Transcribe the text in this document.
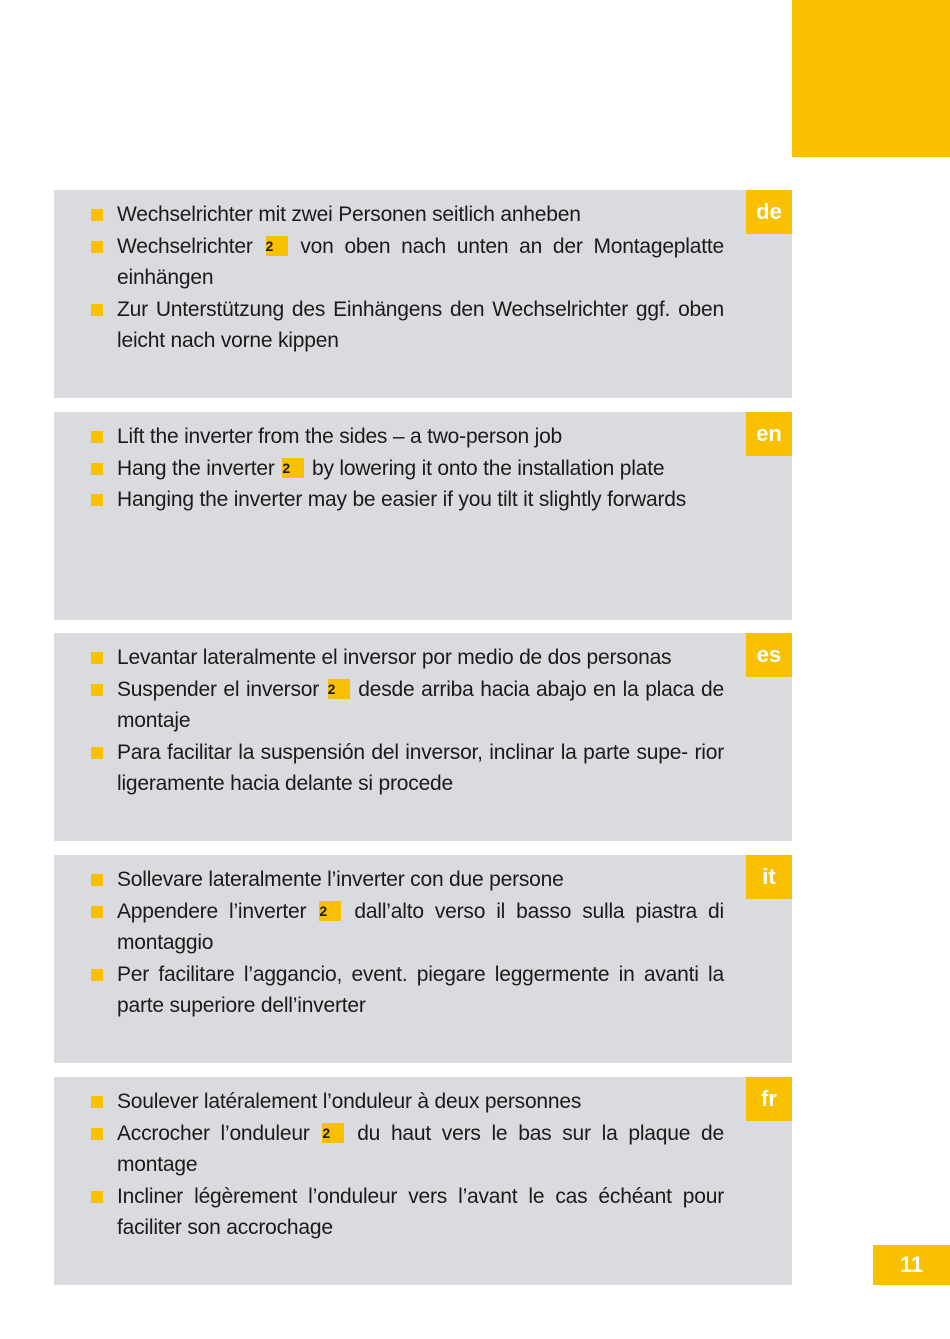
de
Wechselrichter mit zwei Personen seitlich anheben
Wechselrichter 2 von oben nach unten an der Montageplatte einhängen
Zur Unterstützung des Einhängens den Wechselrichter ggf. oben leicht nach vorne kippen
en
Lift the inverter from the sides – a two-person job
Hang the inverter 2 by lowering it onto the installation plate
Hanging the inverter may be easier if you tilt it slightly forwards
es
Levantar lateralmente el inversor por medio de dos personas
Suspender el inversor 2 desde arriba hacia abajo en la placa de montaje
Para facilitar la suspensión del inversor, inclinar la parte supe- rior ligeramente hacia delante si procede
it
Sollevare lateralmente l’inverter con due persone
Appendere l’inverter 2 dall’alto verso il basso sulla piastra di montaggio
Per facilitare l’aggancio, event. piegare leggermente in avanti la parte superiore dell’inverter
fr
Soulever latéralement l’onduleur à deux personnes
Accrocher l’onduleur 2 du haut vers le bas sur la plaque de montage
Incliner légèrement l’onduleur vers l’avant le cas échéant pour faciliter son accrochage
11
